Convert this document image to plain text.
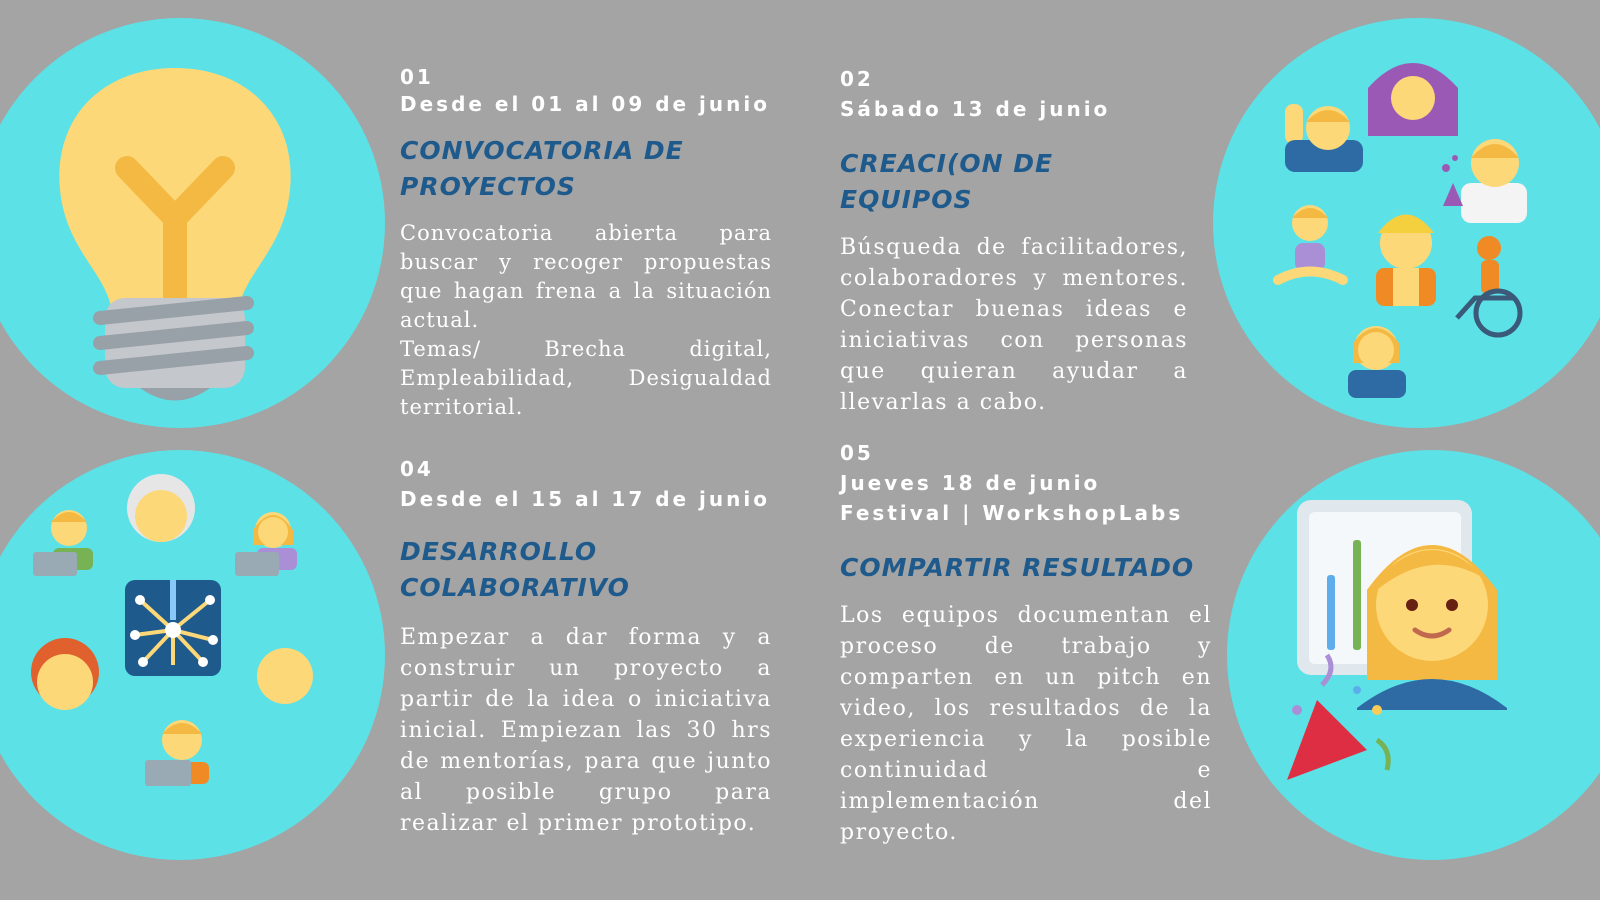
01
Desde el 01 al 09 de junio
CONVOCATORIA DE PROYECTOS

Convocatoria abierta para buscar y recoger propuestas que hagan frena a la situación actual.

Temas/ Brecha digital, Empleabilidad, Desigualdad territorial.

02
Sábado 13 de junio
CREACI(ON DE EQUIPOS
Búsqueda de facilitadores, colaboradores y mentores. Conectar buenas ideas e iniciativas con personas que quieran ayudar a llevarlas a cabo.
04
Desde el 15 al 17 de junio
DESARROLLO COLABORATIVO
Empezar a dar forma y a construir un proyecto a partir de la idea o iniciativa inicial. Empiezan las 30 hrs de mentorías, para que junto al posible grupo para realizar el primer prototipo.
05
Jueves 18 de junio
Festival | WorkshopLabs
COMPARTIR RESULTADO
Los equipos documentan el proceso de trabajo y comparten en un pitch en video, los resultados de la experiencia y la posible continuidad e implementación del proyecto.
